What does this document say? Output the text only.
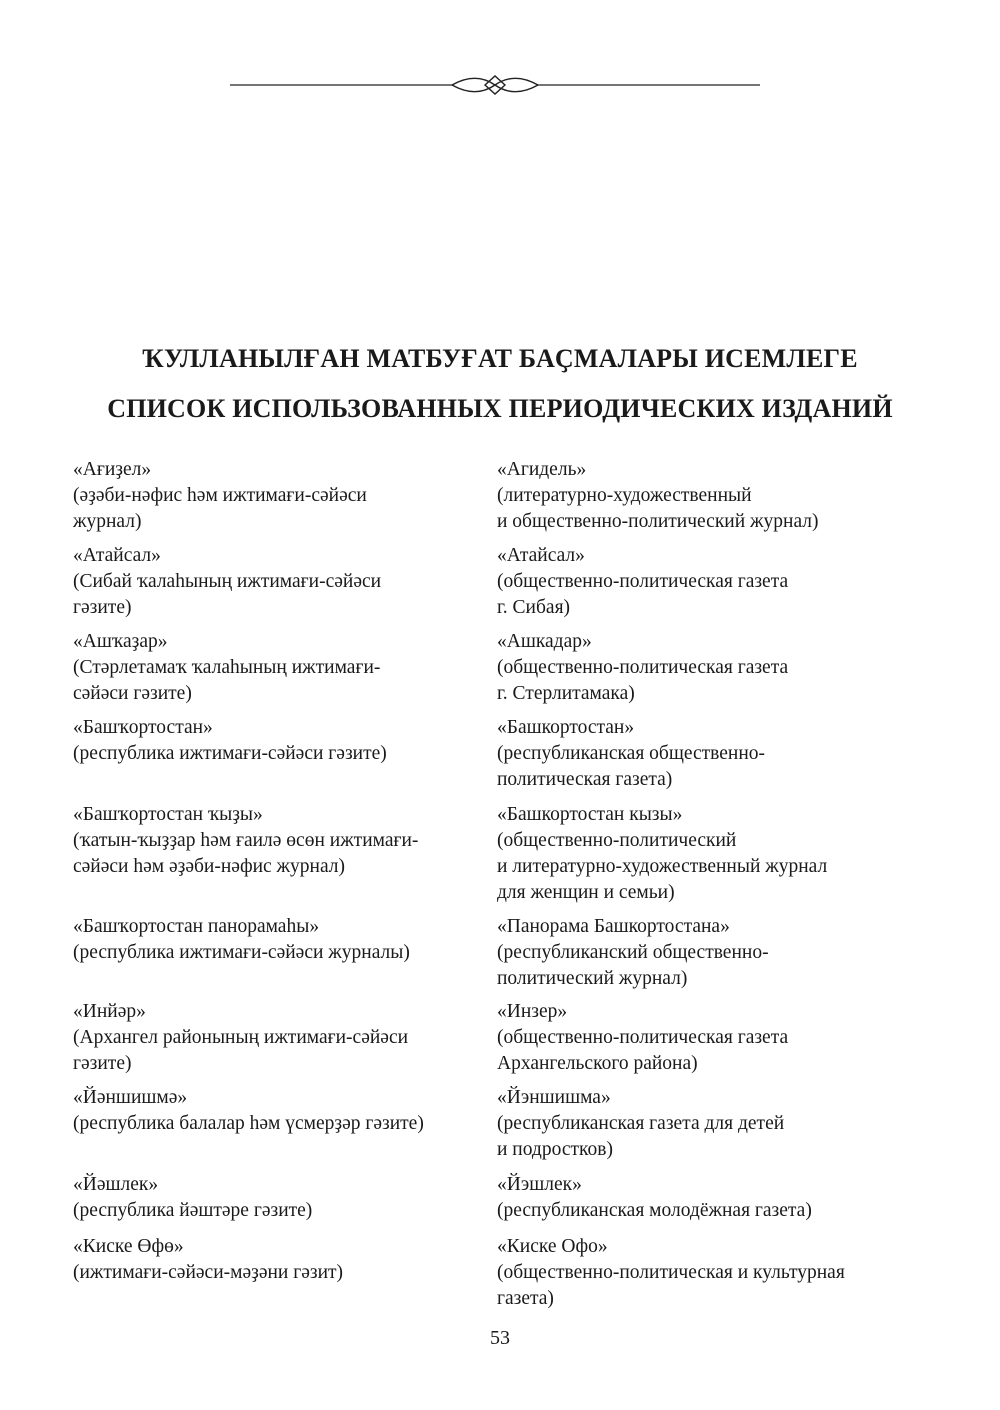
ҠУЛЛАНЫЛҒАН МАТБУҒАТ БАҪМАЛАРЫ ИСЕМЛЕГЕ
СПИСОК ИСПОЛЬЗОВАННЫХ ПЕРИОДИЧЕСКИХ ИЗДАНИЙ
«Ағиҙел»
(әҙәби-нәфис һәм ижтимағи-сәйәси
журнал)
«Агидель»
(литературно-художественный
и общественно-политический журнал)
«Атайсал»
(Сибай ҡалаһының ижтимағи-сәйәси
гәзите)
«Атайсал»
(общественно-политическая газета
г. Сибая)
«Ашҡаҙар»
(Стәрлетамаҡ ҡалаһының ижтимағи-
сәйәси гәзите)
«Ашкадар»
(общественно-политическая газета
г. Стерлитамака)
«Башҡортостан»
(республика ижтимағи-сәйәси гәзите)
«Башкортостан»
(республиканская общественно-
политическая газета)
«Башҡортостан ҡыҙы»
(ҡатын-ҡыҙҙар һәм ғаилә өсөн ижтимағи-
сәйәси һәм әҙәби-нәфис журнал)
«Башкортостан кызы»
(общественно-политический
и литературно-художественный журнал
для женщин и семьи)
«Башҡортостан панорамаһы»
(республика ижтимағи-сәйәси журналы)
«Панорама Башкортостана»
(республиканский общественно-
политический журнал)
«Инйәр»
(Архангел районының ижтимағи-сәйәси
гәзите)
«Инзер»
(общественно-политическая газета
Архангельского района)
«Йәншишмә»
(республика балалар һәм үсмерҙәр гәзите)
«Йэншишма»
(республиканская газета для детей
и подростков)
«Йәшлек»
(республика йәштәре гәзите)
«Йэшлек»
(республиканская молодёжная газета)
«Киске Өфө»
(ижтимағи-сәйәси-мәҙәни гәзит)
«Киске Офо»
(общественно-политическая и культурная
газета)
53
